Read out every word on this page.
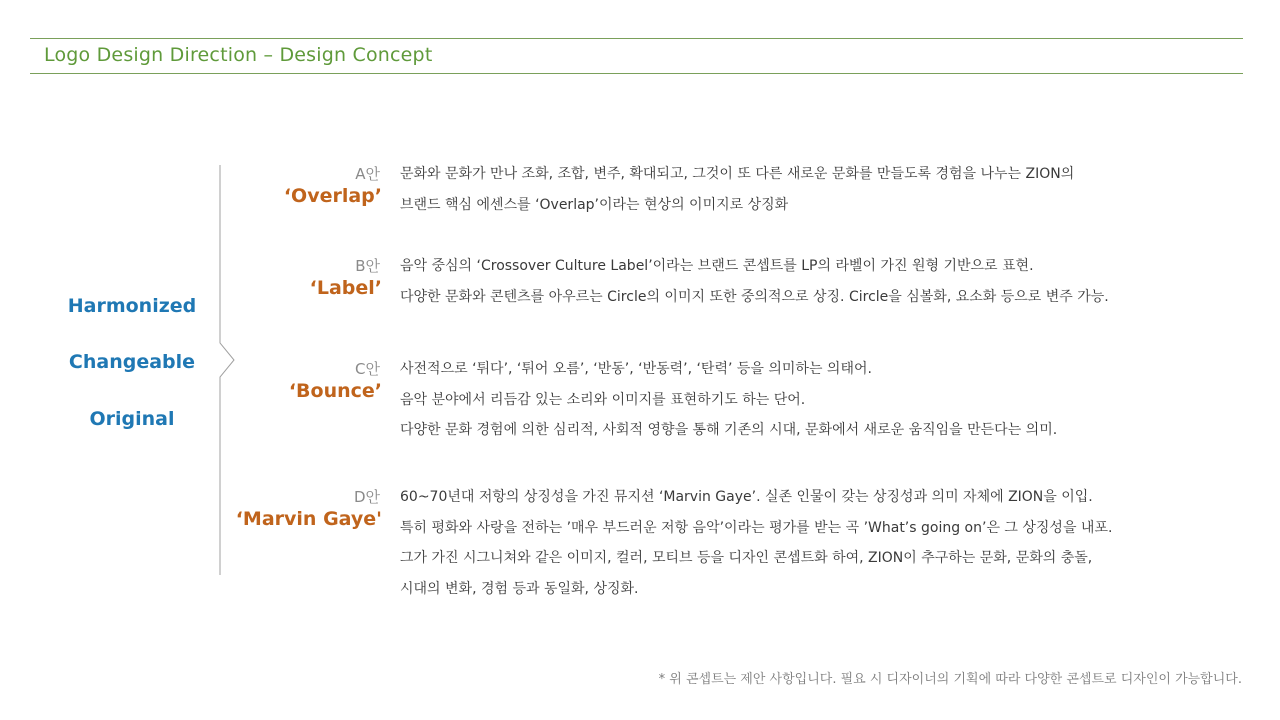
Logo Design Direction – Design Concept
Harmonized
Changeable
Original
A안
‘Overlap’
문화와 문화가 만나 조화, 조합, 변주, 확대되고, 그것이 또 다른 새로운 문화를 만들도록 경험을 나누는 ZION의
브랜드 핵심 에센스를 ‘Overlap’이라는 현상의 이미지로 상징화
B안
‘Label’
음악 중심의 ‘Crossover Culture Label’이라는 브랜드 콘셉트를 LP의 라벨이 가진 원형 기반으로 표현.
다양한 문화와 콘텐츠를 아우르는 Circle의 이미지 또한 중의적으로 상징. Circle을 심볼화, 요소화 등으로 변주 가능.
C안
‘Bounce’
사전적으로 ‘튀다’, ‘튀어 오름’, ‘반동’, ‘반동력’, ‘탄력’ 등을 의미하는 의태어.
음악 분야에서 리듬감 있는 소리와 이미지를 표현하기도 하는 단어.
다양한 문화 경험에 의한 심리적, 사회적 영향을 통해 기존의 시대, 문화에서 새로운 움직임을 만든다는 의미.
D안
‘Marvin Gaye'
60~70년대 저항의 상징성을 가진 뮤지션 ‘Marvin Gaye’. 실존 인물이 갖는 상징성과 의미 자체에 ZION을 이입.
특히 평화와 사랑을 전하는 ’매우 부드러운 저항 음악’이라는 평가를 받는 곡 ’What’s going on’은 그 상징성을 내포.
그가 가진 시그니쳐와 같은 이미지, 컬러, 모티브 등을 디자인 콘셉트화 하여, ZION이 추구하는 문화, 문화의 충돌,
시대의 변화, 경험 등과 동일화, 상징화.
* 위 콘셉트는 제안 사항입니다. 필요 시 디자이너의 기획에 따라 다양한 콘셉트로 디자인이 가능합니다.
